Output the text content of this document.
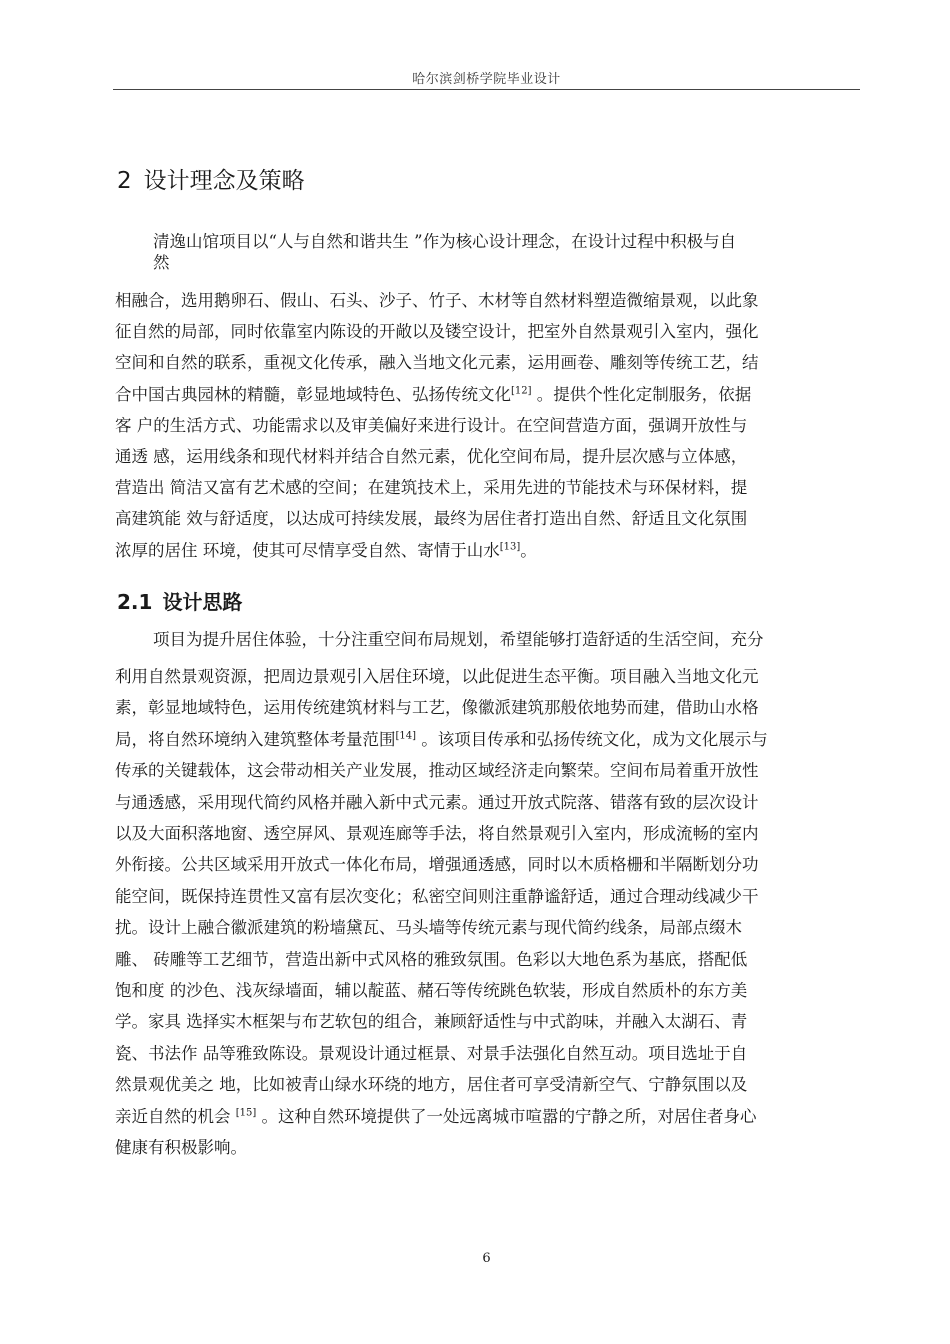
哈尔滨剑桥学院毕业设计
2 设计理念及策略
清逸山馆项目以“人与自然和谐共生 ”作为核心设计理念，在设计过程中积极与自
然
相融合，选用鹅卵石、假山、石头、沙子、竹子、木材等自然材料塑造微缩景观，以此象
征自然的局部，同时依靠室内陈设的开敞以及镂空设计，把室外自然景观引入室内，强化
空间和自然的联系，重视文化传承，融入当地文化元素，运用画卷、雕刻等传统工艺，结
合中国古典园林的精髓，彰显地域特色、弘扬传统文化[12] 。提供个性化定制服务，依据
客 户的生活方式、功能需求以及审美偏好来进行设计。在空间营造方面，强调开放性与
通透 感，运用线条和现代材料并结合自然元素，优化空间布局，提升层次感与立体感，
营造出 简洁又富有艺术感的空间；在建筑技术上，采用先进的节能技术与环保材料，提
高建筑能 效与舒适度，以达成可持续发展，最终为居住者打造出自然、舒适且文化氛围
浓厚的居住 环境，使其可尽情享受自然、寄情于山水[13]。
2.1 设计思路
项目为提升居住体验，十分注重空间布局规划，希望能够打造舒适的生活空间，充分
利用自然景观资源，把周边景观引入居住环境，以此促进生态平衡。项目融入当地文化元
素，彰显地域特色，运用传统建筑材料与工艺，像徽派建筑那般依地势而建，借助山水格
局，将自然环境纳入建筑整体考量范围[14] 。该项目传承和弘扬传统文化，成为文化展示与
传承的关键载体，这会带动相关产业发展，推动区域经济走向繁荣。空间布局着重开放性
与通透感，采用现代简约风格并融入新中式元素。通过开放式院落、错落有致的层次设计
以及大面积落地窗、透空屏风、景观连廊等手法，将自然景观引入室内，形成流畅的室内
外衔接。公共区域采用开放式一体化布局，增强通透感，同时以木质格栅和半隔断划分功
能空间，既保持连贯性又富有层次变化；私密空间则注重静谧舒适，通过合理动线减少干
扰。设计上融合徽派建筑的粉墙黛瓦、马头墙等传统元素与现代简约线条，局部点缀木
雕、 砖雕等工艺细节，营造出新中式风格的雅致氛围。色彩以大地色系为基底，搭配低
饱和度 的沙色、浅灰绿墙面，辅以靛蓝、赭石等传统跳色软装，形成自然质朴的东方美
学。家具 选择实木框架与布艺软包的组合，兼顾舒适性与中式韵味，并融入太湖石、青
瓷、书法作 品等雅致陈设。景观设计通过框景、对景手法强化自然互动。项目选址于自
然景观优美之 地，比如被青山绿水环绕的地方，居住者可享受清新空气、宁静氛围以及
亲近自然的机会 [15] 。这种自然环境提供了一处远离城市喧嚣的宁静之所，对居住者身心
健康有积极影响。
6
